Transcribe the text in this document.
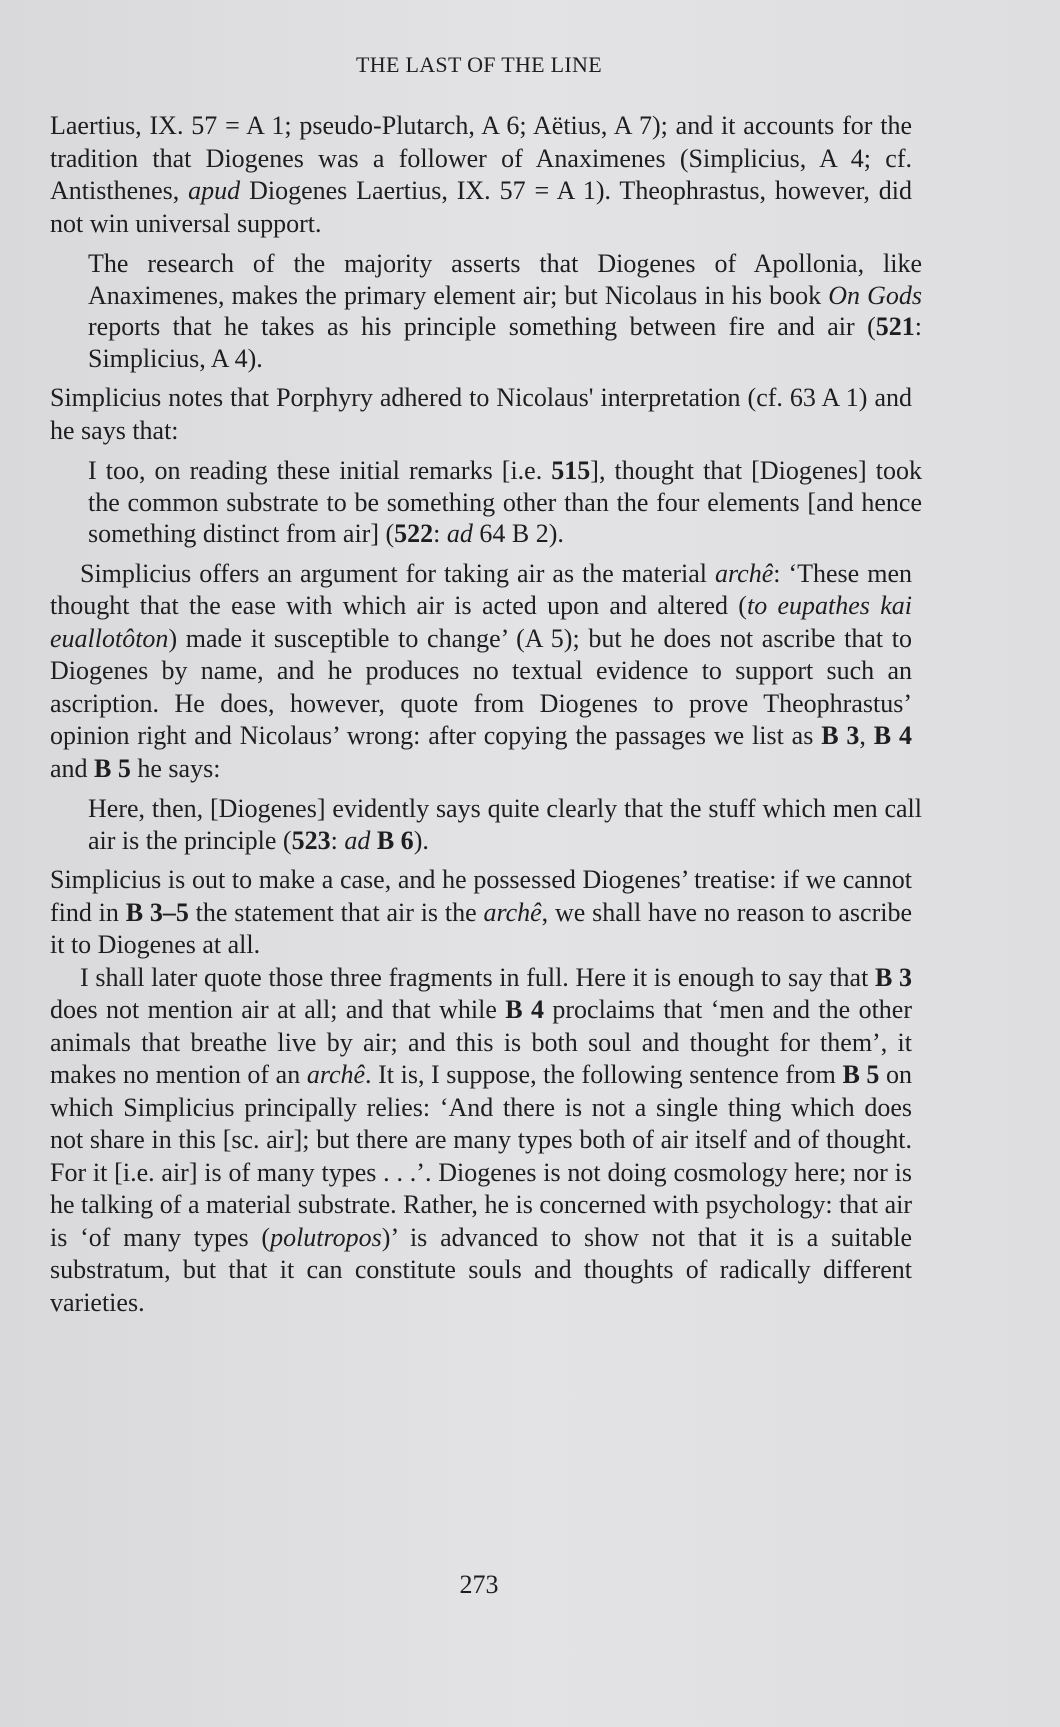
THE LAST OF THE LINE

Laertius, IX. 57 = A 1; pseudo-Plutarch, A 6; Aëtius, A 7); and it accounts for the tradition that Diogenes was a follower of Anaximenes (Simplicius, A 4; cf. Antisthenes, apud Diogenes Laertius, IX. 57 = A 1). Theophrastus, however, did not win universal support.

The research of the majority asserts that Diogenes of Apollonia, like Anaximenes, makes the primary element air; but Nicolaus in his book On Gods reports that he takes as his principle something between fire and air (521: Simplicius, A 4).

Simplicius notes that Porphyry adhered to Nicolaus' interpretation (cf. 63 A 1) and he says that:

I too, on reading these initial remarks [i.e. 515], thought that [Diogenes] took the common substrate to be something other than the four elements [and hence something distinct from air] (522: ad 64 B 2).

Simplicius offers an argument for taking air as the material archê: ‘These men thought that the ease with which air is acted upon and altered (to eupathes kai euallotôton) made it susceptible to change’ (A 5); but he does not ascribe that to Diogenes by name, and he produces no textual evidence to support such an ascription. He does, however, quote from Diogenes to prove Theophrastus’ opinion right and Nicolaus’ wrong: after copying the passages we list as B 3, B 4 and B 5 he says:

Here, then, [Diogenes] evidently says quite clearly that the stuff which men call air is the principle (523: ad B 6).

Simplicius is out to make a case, and he possessed Diogenes’ treatise: if we cannot find in B 3–5 the statement that air is the archê, we shall have no reason to ascribe it to Diogenes at all.

I shall later quote those three fragments in full. Here it is enough to say that B 3 does not mention air at all; and that while B 4 proclaims that ‘men and the other animals that breathe live by air; and this is both soul and thought for them’, it makes no mention of an archê. It is, I suppose, the following sentence from B 5 on which Simplicius principally relies: ‘And there is not a single thing which does not share in this [sc. air]; but there are many types both of air itself and of thought. For it [i.e. air] is of many types . . .’. Diogenes is not doing cosmology here; nor is he talking of a material substrate. Rather, he is concerned with psychology: that air is ‘of many types (polutropos)’ is advanced to show not that it is a suitable substratum, but that it can constitute souls and thoughts of radically different varieties.

273
